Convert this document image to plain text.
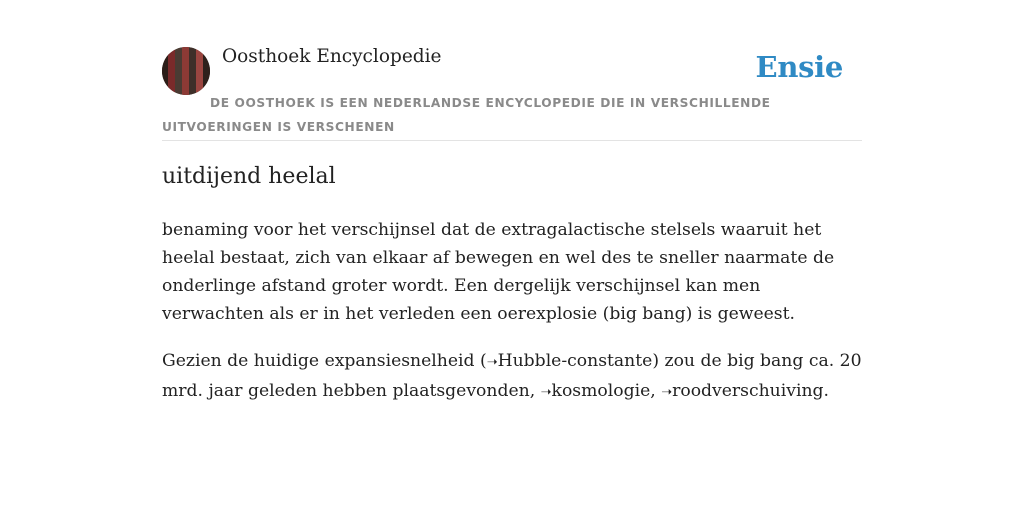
Oosthoek Encyclopedie	Ensie
DE OOSTHOEK IS EEN NEDERLANDSE ENCYCLOPEDIE DIE IN VERSCHILLENDE UITVOERINGEN IS VERSCHENEN
uitdijend heelal

benaming voor het verschijnsel dat de extragalactische stelsels waaruit het heelal bestaat, zich van elkaar af bewegen en wel des te sneller naarmate de onderlinge afstand groter wordt. Een dergelijk verschijnsel kan men verwachten als er in het verleden een oerexplosie (big bang) is geweest.

Gezien de huidige expansiesnelheid (➝Hubble-constante) zou de big bang ca. 20 mrd. jaar geleden hebben plaatsgevonden, ➝kosmologie, ➝roodverschuiving.
